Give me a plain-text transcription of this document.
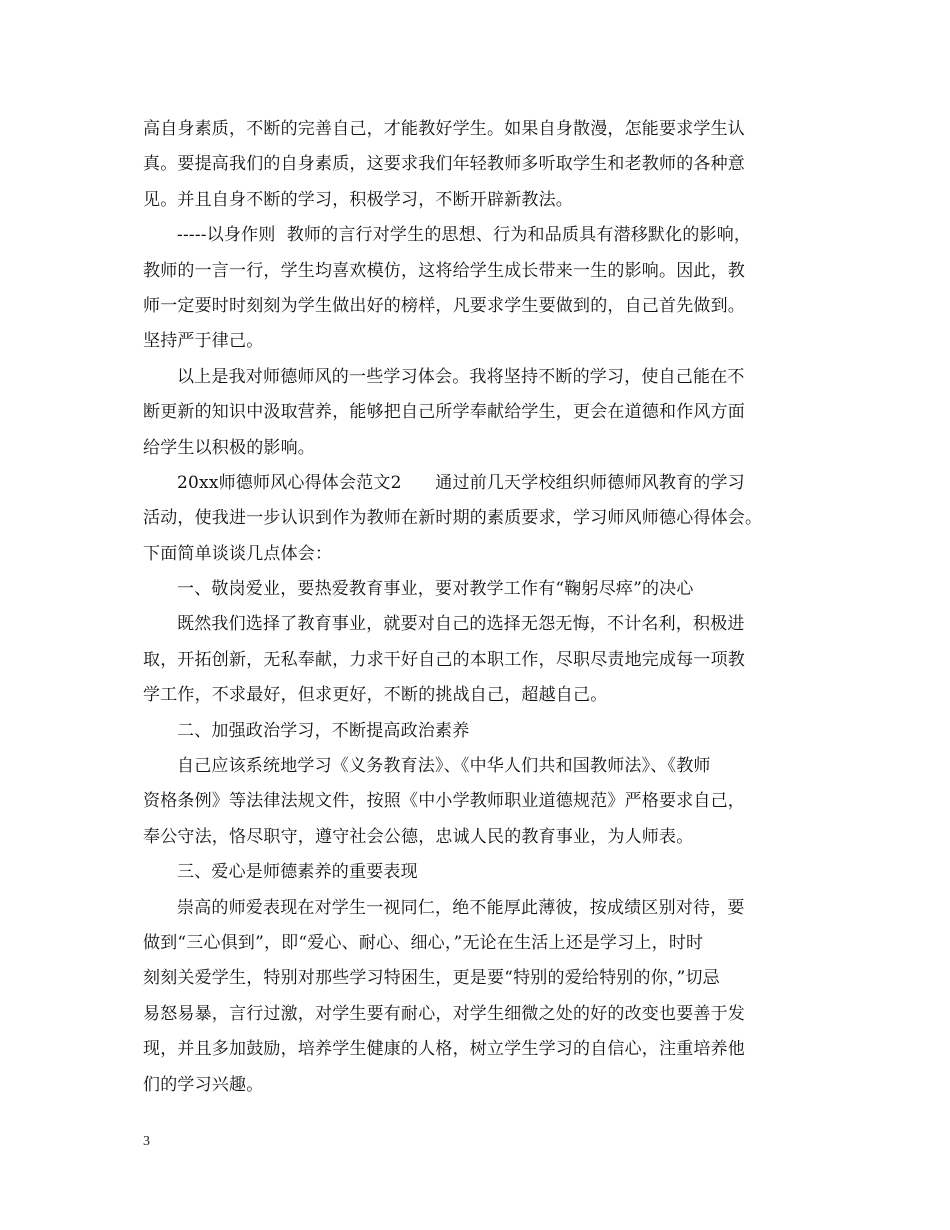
高自身素质，不断的完善自己，才能教好学生。如果自身散漫，怎能要求学生认
真。要提高我们的自身素质，这要求我们年轻教师多听取学生和老教师的各种意
见。并且自身不断的学习，积极学习，不断开辟新教法。
-----以身作则  教师的言行对学生的思想、行为和品质具有潜移默化的影响，
教师的一言一行，学生均喜欢模仿，这将给学生成长带来一生的影响。因此，教
师一定要时时刻刻为学生做出好的榜样，凡要求学生要做到的，自己首先做到。
坚持严于律己。
以上是我对师德师风的一些学习体会。我将坚持不断的学习，使自己能在不
断更新的知识中汲取营养，能够把自己所学奉献给学生，更会在道德和作风方面
给学生以积极的影响。
20xx师德师风心得体会范文2      通过前几天学校组织师德师风教育的学习
活动，使我进一步认识到作为教师在新时期的素质要求，学习师风师德心得体会。
下面简单谈谈几点体会：
一、敬岗爱业，要热爱教育事业，要对教学工作有“鞠躬尽瘁”的决心
既然我们选择了教育事业，就要对自己的选择无怨无悔，不计名利，积极进
取，开拓创新，无私奉献，力求干好自己的本职工作，尽职尽责地完成每一项教
学工作，不求最好，但求更好，不断的挑战自己，超越自己。
二、加强政治学习，不断提高政治素养
自己应该系统地学习《义务教育法》、《中华人们共和国教师法》、《教师
资格条例》等法律法规文件，按照《中小学教师职业道德规范》严格要求自己，
奉公守法，恪尽职守，遵守社会公德，忠诚人民的教育事业，为人师表。
三、爱心是师德素养的重要表现
崇高的师爱表现在对学生一视同仁，绝不能厚此薄彼，按成绩区别对待，要
做到“三心俱到”，即“爱心、耐心、细心，”无论在生活上还是学习上，时时
刻刻关爱学生，特别对那些学习特困生，更是要“特别的爱给特别的你，”切忌
易怒易暴，言行过激，对学生要有耐心，对学生细微之处的好的改变也要善于发
现，并且多加鼓励，培养学生健康的人格，树立学生学习的自信心，注重培养他
们的学习兴趣。
3
